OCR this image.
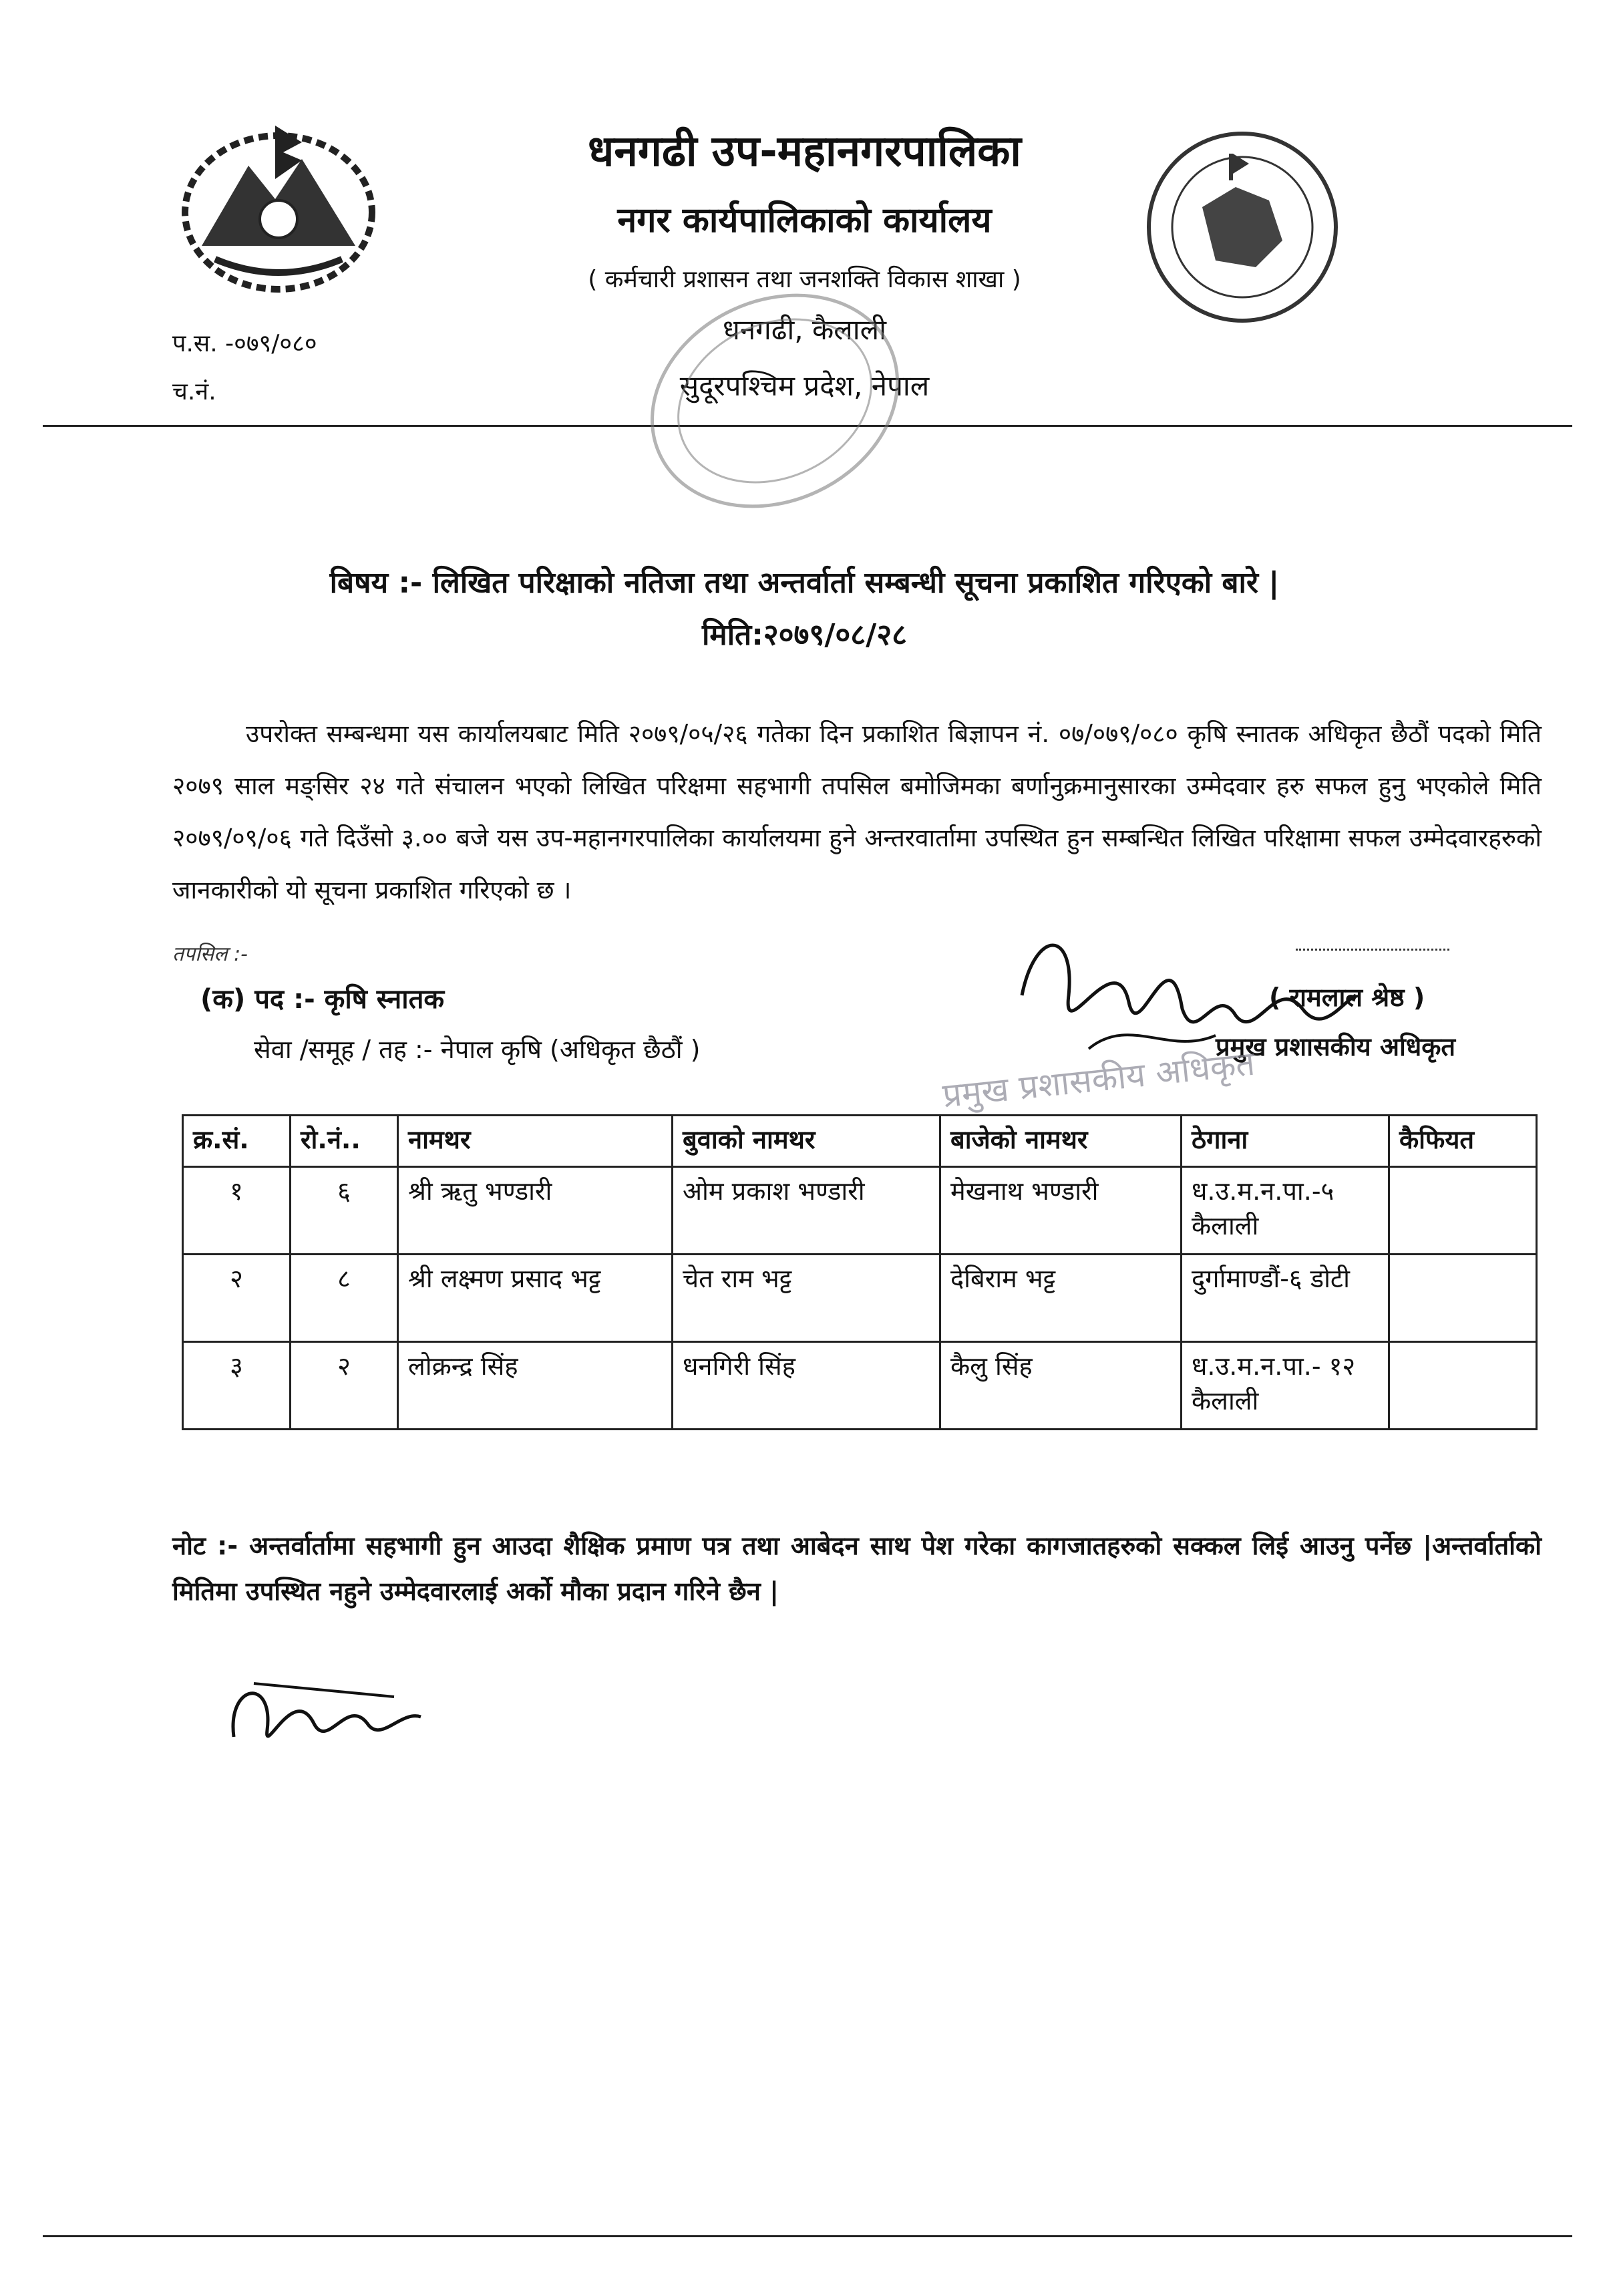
धनगढी उप-महानगरपालिका
नगर कार्यपालिकाको कार्यालय
( कर्मचारी प्रशासन तथा जनशक्ति विकास शाखा )
धनगढी, कैलाली
सुदूरपश्चिम प्रदेश, नेपाल
प.स. -०७९/०८०
च.नं.
बिषय :- लिखित परिक्षाको नतिजा तथा अन्तर्वार्ता सम्बन्धी सूचना प्रकाशित गरिएको बारे |
मिति:२०७९/०८/२८
उपरोक्त सम्बन्धमा यस कार्यालयबाट मिति २०७९/०५/२६ गतेका दिन प्रकाशित बिज्ञापन नं. ०७/०७९/०८० कृषि स्नातक अधिकृत छैठौं पदको मिति २०७९ साल मङ्सिर २४ गते संचालन भएको लिखित परिक्षमा सहभागी तपसिल बमोजिमका बर्णानुक्रमानुसारका उम्मेदवार हरु सफल हुनु भएकोले मिति २०७९/०९/०६ गते दिउँसो ३.०० बजे यस उप-महानगरपालिका कार्यालयमा हुने अन्तरवार्तामा उपस्थित हुन सम्बन्धित लिखित परिक्षामा सफल उम्मेदवारहरुको जानकारीको यो सूचना प्रकाशित गरिएको छ ।
तपसिल :-
(क) पद :- कृषि स्नातक
सेवा /समूह / तह :- नेपाल कृषि (अधिकृत छैठौं )
( रामलाल श्रेष्ठ )
प्रमुख प्रशासकीय अधिकृत
प्रमुख प्रशासकीय अधिकृत
क्र.सं.	रो.नं..	नामथर	बुवाको नामथर	बाजेको नामथर	ठेगाना	कैफियत
१	६	श्री ऋतु भण्डारी	ओम प्रकाश भण्डारी	मेखनाथ भण्डारी	ध.उ.म.न.पा.-५ कैलाली	
२	८	श्री लक्ष्मण प्रसाद भट्ट	चेत राम भट्ट	देबिराम भट्ट	दुर्गामाण्डौं-६ डोटी	
३	२	लोक्रन्द्र सिंह	धनगिरी सिंह	कैलु सिंह	ध.उ.म.न.पा.- १२ कैलाली	
नोट :- अन्तर्वार्तामा सहभागी हुन आउदा शैक्षिक प्रमाण पत्र तथा आबेदन साथ पेश गरेका कागजातहरुको सक्कल लिई आउनु पर्नेछ |अन्तर्वार्ताको मितिमा उपस्थित नहुने उम्मेदवारलाई अर्को मौका प्रदान गरिने छैन |
